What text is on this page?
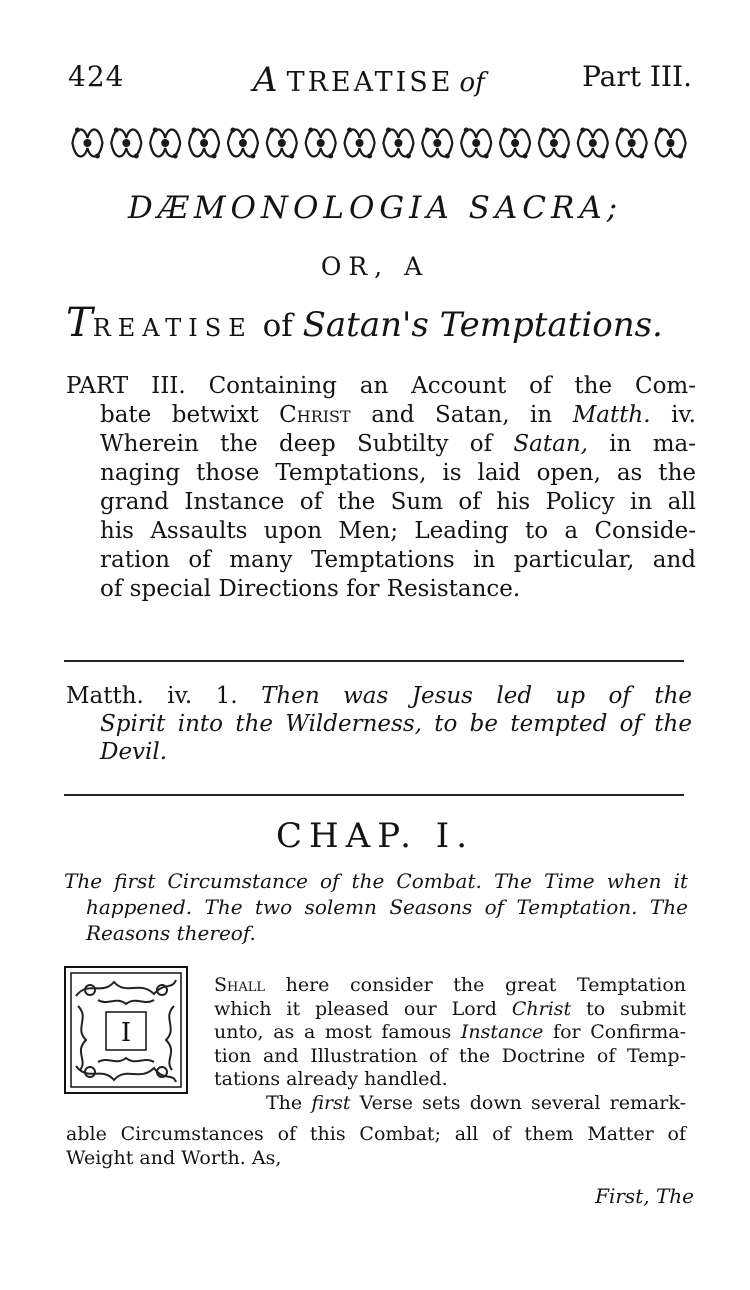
424	A TREATISE of	Part III.
DÆMONOLOGIA SACRA;
OR, A
TREATISE of Satan's Temptations.
PART III. Containing an Account of the Com-
bate betwixt Christ and Satan, in Matth. iv.
Wherein the deep Subtilty of Satan, in ma-
naging those Temptations, is laid open, as the
grand Instance of the Sum of his Policy in all
his Assaults upon Men; Leading to a Conside-
ration of many Temptations in particular, and
of special Directions for Resistance.
Matth. iv. 1. Then was Jesus led up of the
Spirit into the Wilderness, to be tempted of the
Devil.
CHAP. I.
The first Circumstance of the Combat. The Time when it
happened. The two solemn Seasons of Temptation. The
Reasons thereof.
I
Shall here consider the great Temptation
which it pleased our Lord Christ to submit
unto, as a most famous Instance for Confirma-
tion and Illustration of the Doctrine of Temp-
tations already handled.
The first Verse sets down several remark-
able Circumstances of this Combat; all of them Matter of
Weight and Worth. As,
First, The
